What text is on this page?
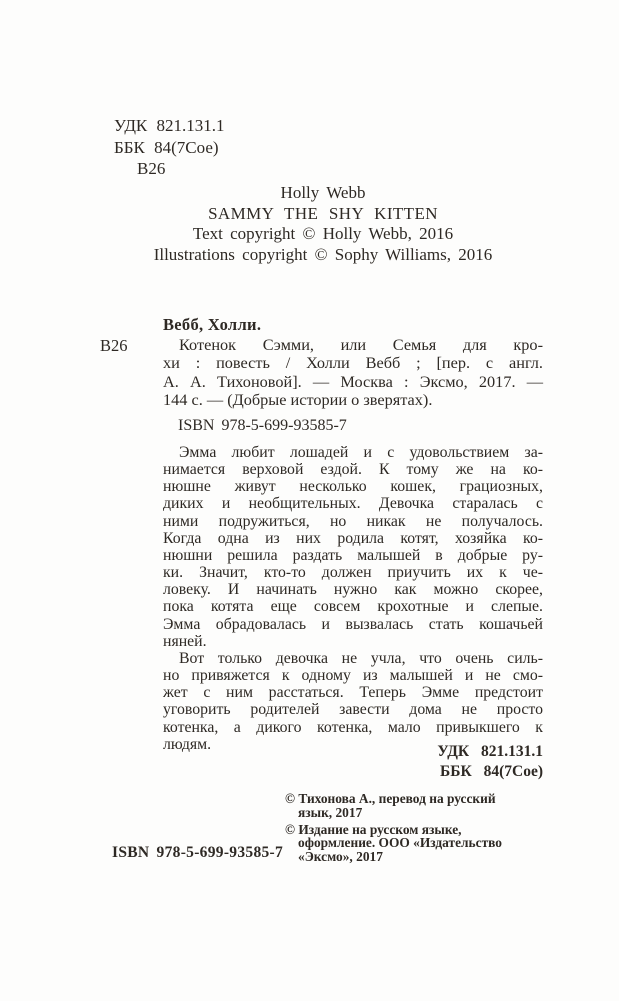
УДК 821.131.1
ББК 84(7Сое)
В26
Holly Webb
SAMMY THE SHY KITTEN
Text copyright © Holly Webb, 2016
Illustrations copyright © Sophy Williams, 2016
Вебб, Холли.
В26	Котенок Сэмми, или Семья для кро-
хи : повесть / Холли Вебб ; [пер. с англ.
А. А. Тихоновой]. — Москва : Эксмо, 2017. —
144 с. — (Добрые истории о зверятах).
ISBN 978-5-699-93585-7
Эмма любит лошадей и с удовольствием за-
нимается верховой ездой. К тому же на ко-
нюшне живут несколько кошек, грациозных,
диких и необщительных. Девочка старалась с
ними подружиться, но никак не получалось.
Когда одна из них родила котят, хозяйка ко-
нюшни решила раздать малышей в добрые ру-
ки. Значит, кто-то должен приучить их к че-
ловеку. И начинать нужно как можно скорее,
пока котята еще совсем крохотные и слепые.
Эмма обрадовалась и вызвалась стать кошачьей
няней.
Вот только девочка не учла, что очень силь-
но привяжется к одному из малышей и не смо-
жет с ним расстаться. Теперь Эмме предстоит
уговорить родителей завести дома не просто
котенка, а дикого котенка, мало привыкшего к
людям.	УДК 821.131.1
ББК 84(7Сое)
© Тихонова А., перевод на русский
язык, 2017
© Издание на русском языке,
оформление. ООО «Издательство
«Эксмо», 2017
ISBN 978-5-699-93585-7
